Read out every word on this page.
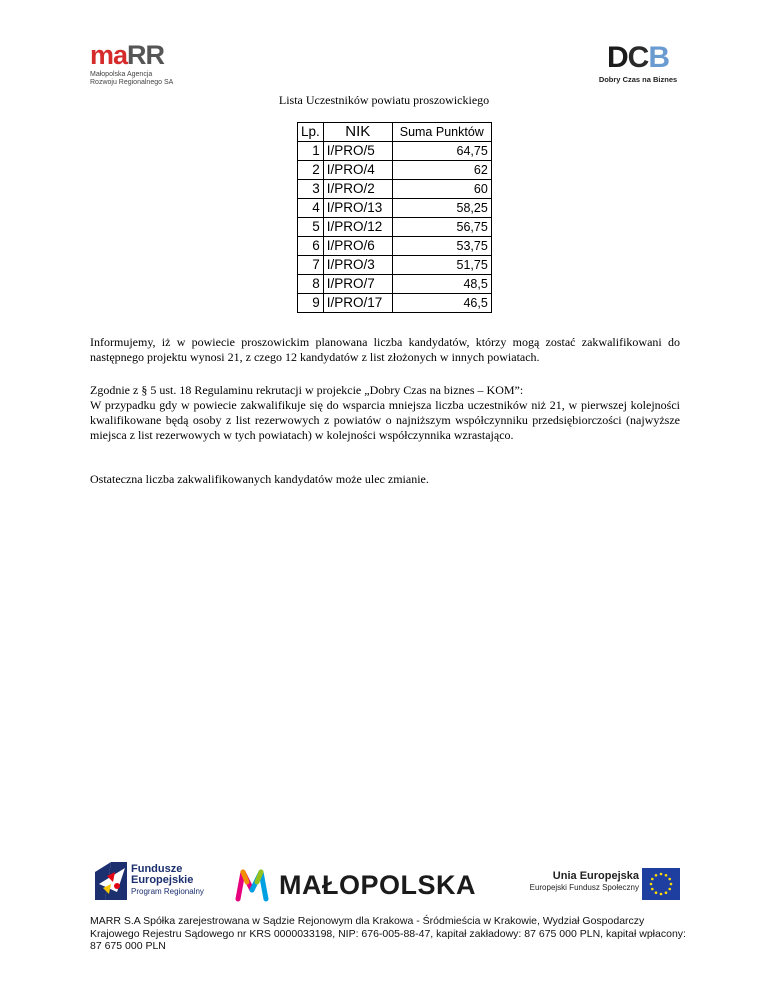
maRR
Małopolska Agencja
Rozwoju Regionalnego SA
DCB
Dobry Czas na Biznes
Lista Uczestników powiatu proszowickiego
Lp.	NIK	Suma Punktów
1	I/PRO/5	64,75
2	I/PRO/4	62
3	I/PRO/2	60
4	I/PRO/13	58,25
5	I/PRO/12	56,75
6	I/PRO/6	53,75
7	I/PRO/3	51,75
8	I/PRO/7	48,5
9	I/PRO/17	46,5
Informujemy, iż w powiecie proszowickim planowana liczba kandydatów, którzy mogą zostać zakwalifikowani do następnego projektu wynosi 21, z czego 12 kandydatów z list złożonych w innych powiatach.
Zgodnie z § 5 ust. 18 Regulaminu rekrutacji w projekcie „Dobry Czas na biznes – KOM”:
W przypadku gdy w powiecie zakwalifikuje się do wsparcia mniejsza liczba uczestników niż 21, w pierwszej kolejności kwalifikowane będą osoby z list rezerwowych z powiatów o najniższym współczynniku przedsiębiorczości (najwyższe miejsca z list rezerwowych w tych powiatach) w kolejności współczynnika wzrastająco.
Ostateczna liczba zakwalifikowanych kandydatów może ulec zmianie.
Fundusze
Europejskie
Program Regionalny	MAŁOPOLSKA	Unia Europejska
Europejski Fundusz Społeczny
MARR S.A Spółka zarejestrowana w Sądzie Rejonowym dla Krakowa - Śródmieścia w Krakowie, Wydział Gospodarczy Krajowego Rejestru Sądowego nr KRS 0000033198, NIP: 676-005-88-47, kapitał zakładowy: 87 675 000 PLN, kapitał wpłacony: 87 675 000 PLN
